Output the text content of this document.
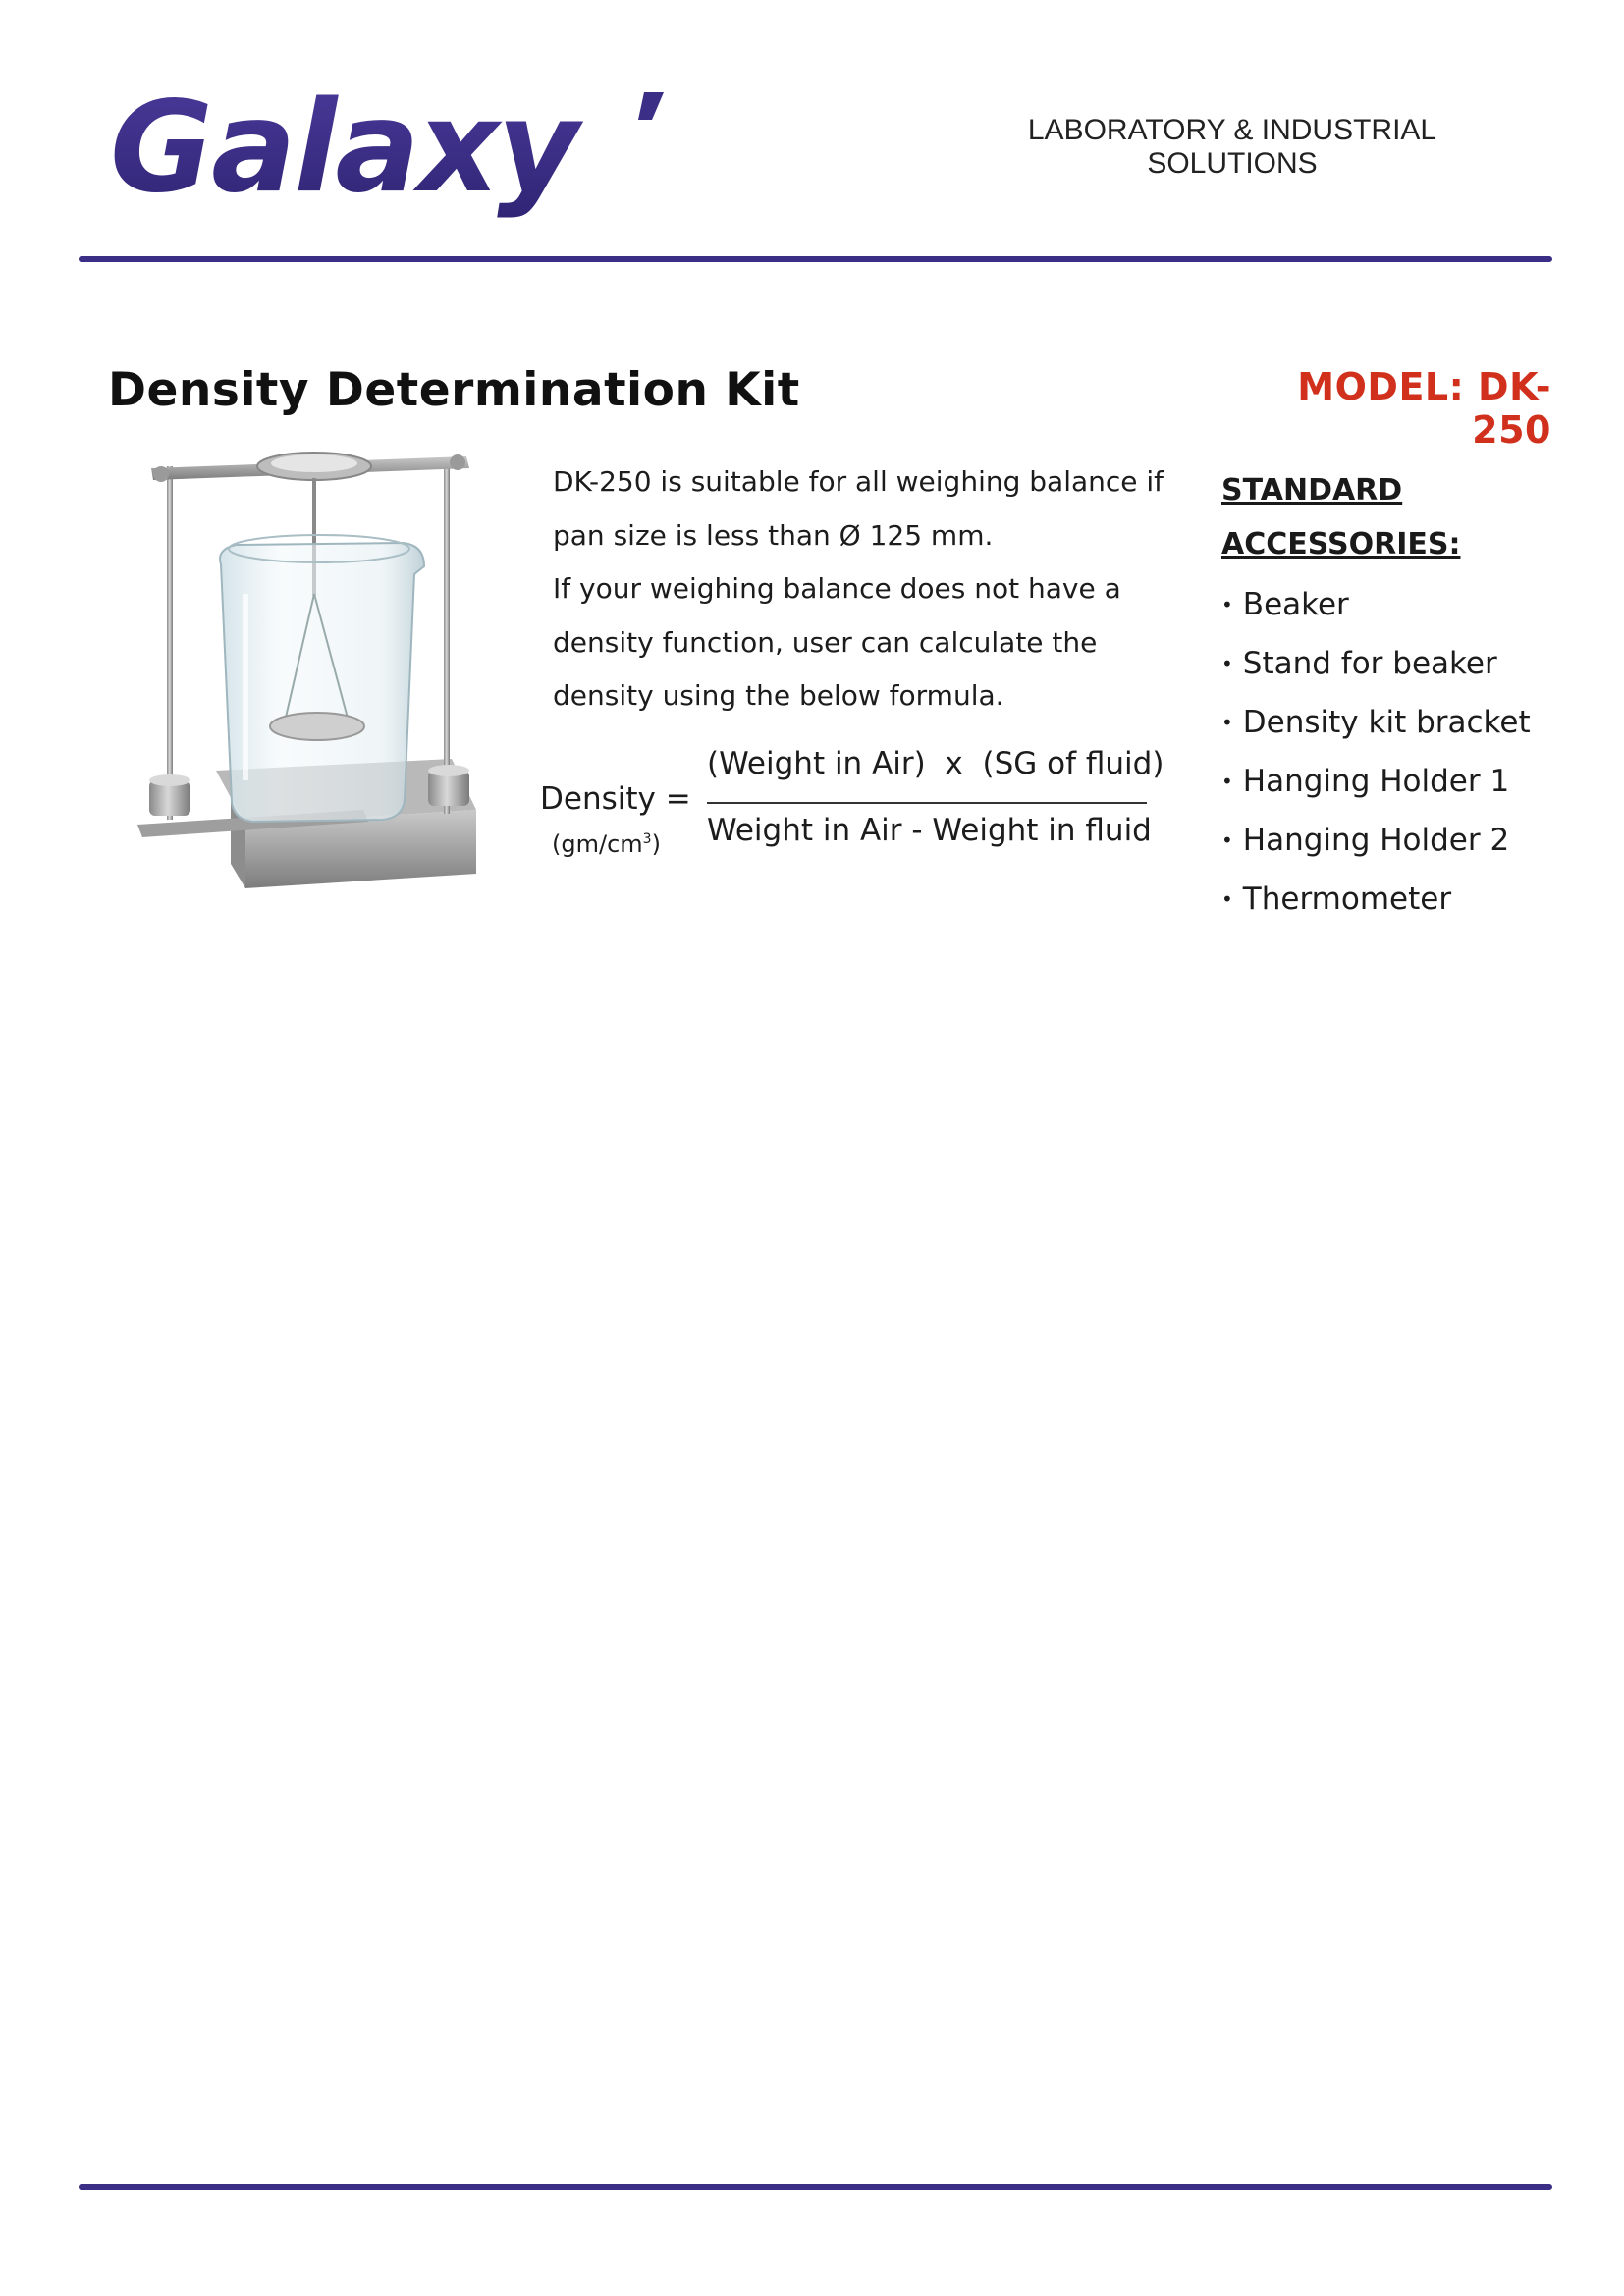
Galaxy	LABORATORY & INDUSTRIAL
SOLUTIONS
Density Determination Kit	MODEL: DK-250

DK-250 is suitable for all weighing balance if

pan size is less than Ø 125 mm.

If your weighing balance does not have a

density function, user can calculate the

density using the below formula.

Density =
$(gm/cm^3)$
(Weight in Air)  x  (SG of fluid)
Weight in Air - Weight in fluid

STANDARD

ACCESSORIES:

• Beaker
• Stand for beaker
• Density kit bracket
• Hanging Holder 1
• Hanging Holder 2
• Thermometer
